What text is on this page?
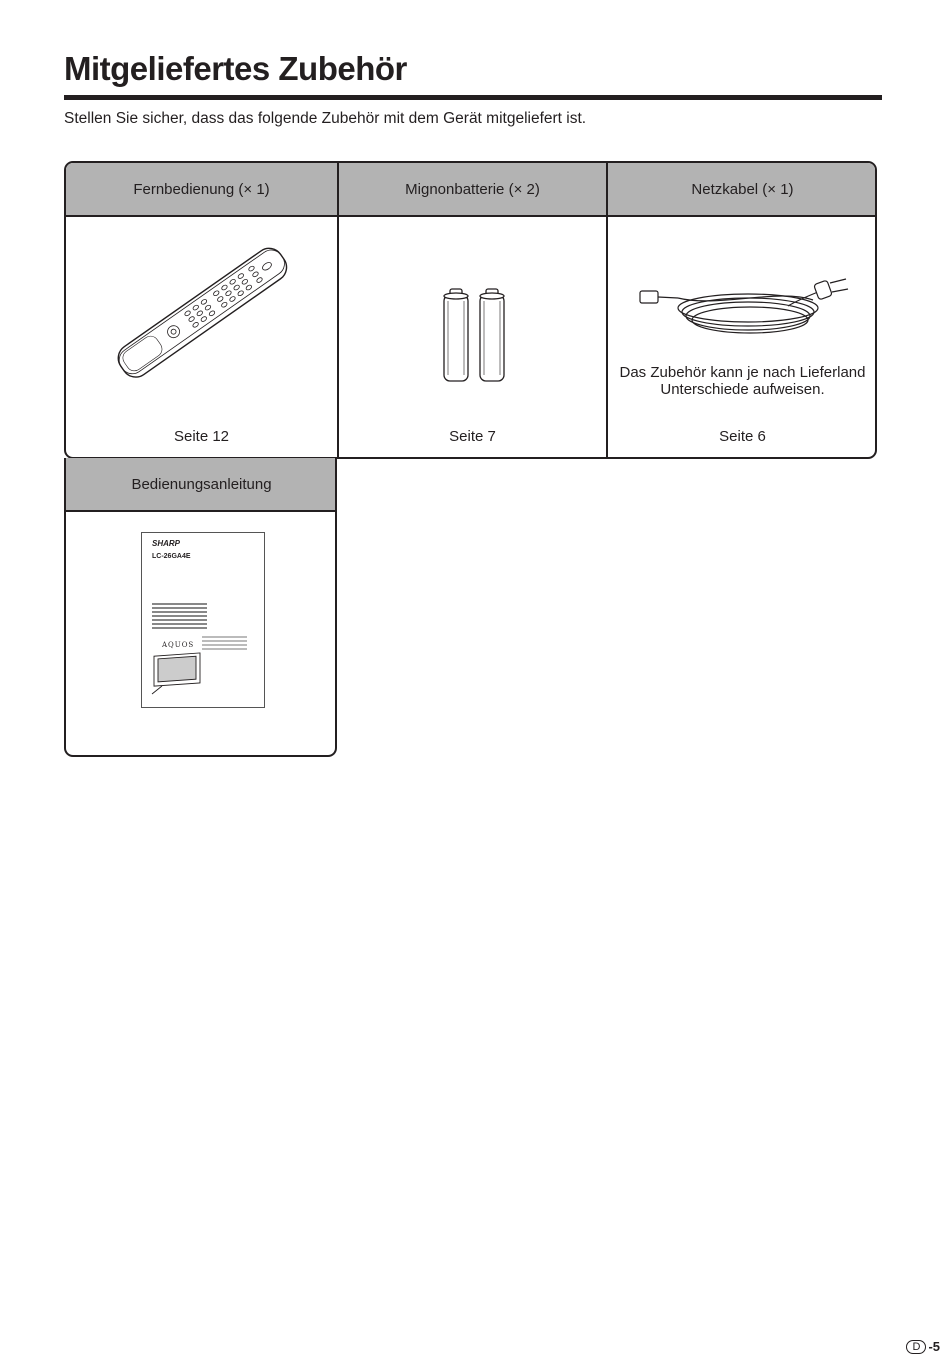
Mitgeliefertes Zubehör

Stellen Sie sicher, dass das folgende Zubehör mit dem Gerät mitgeliefert ist.

Fernbedienung (× 1)
Seite 12
Mignonbatterie (× 2)
Seite 7
Netzkabel (× 1)
Das Zubehör kann je nach Lieferland Unterschiede aufweisen.
Seite 6
Bedienungsanleitung
SHARP
LC-26GA4E
AQUOS
D -5
